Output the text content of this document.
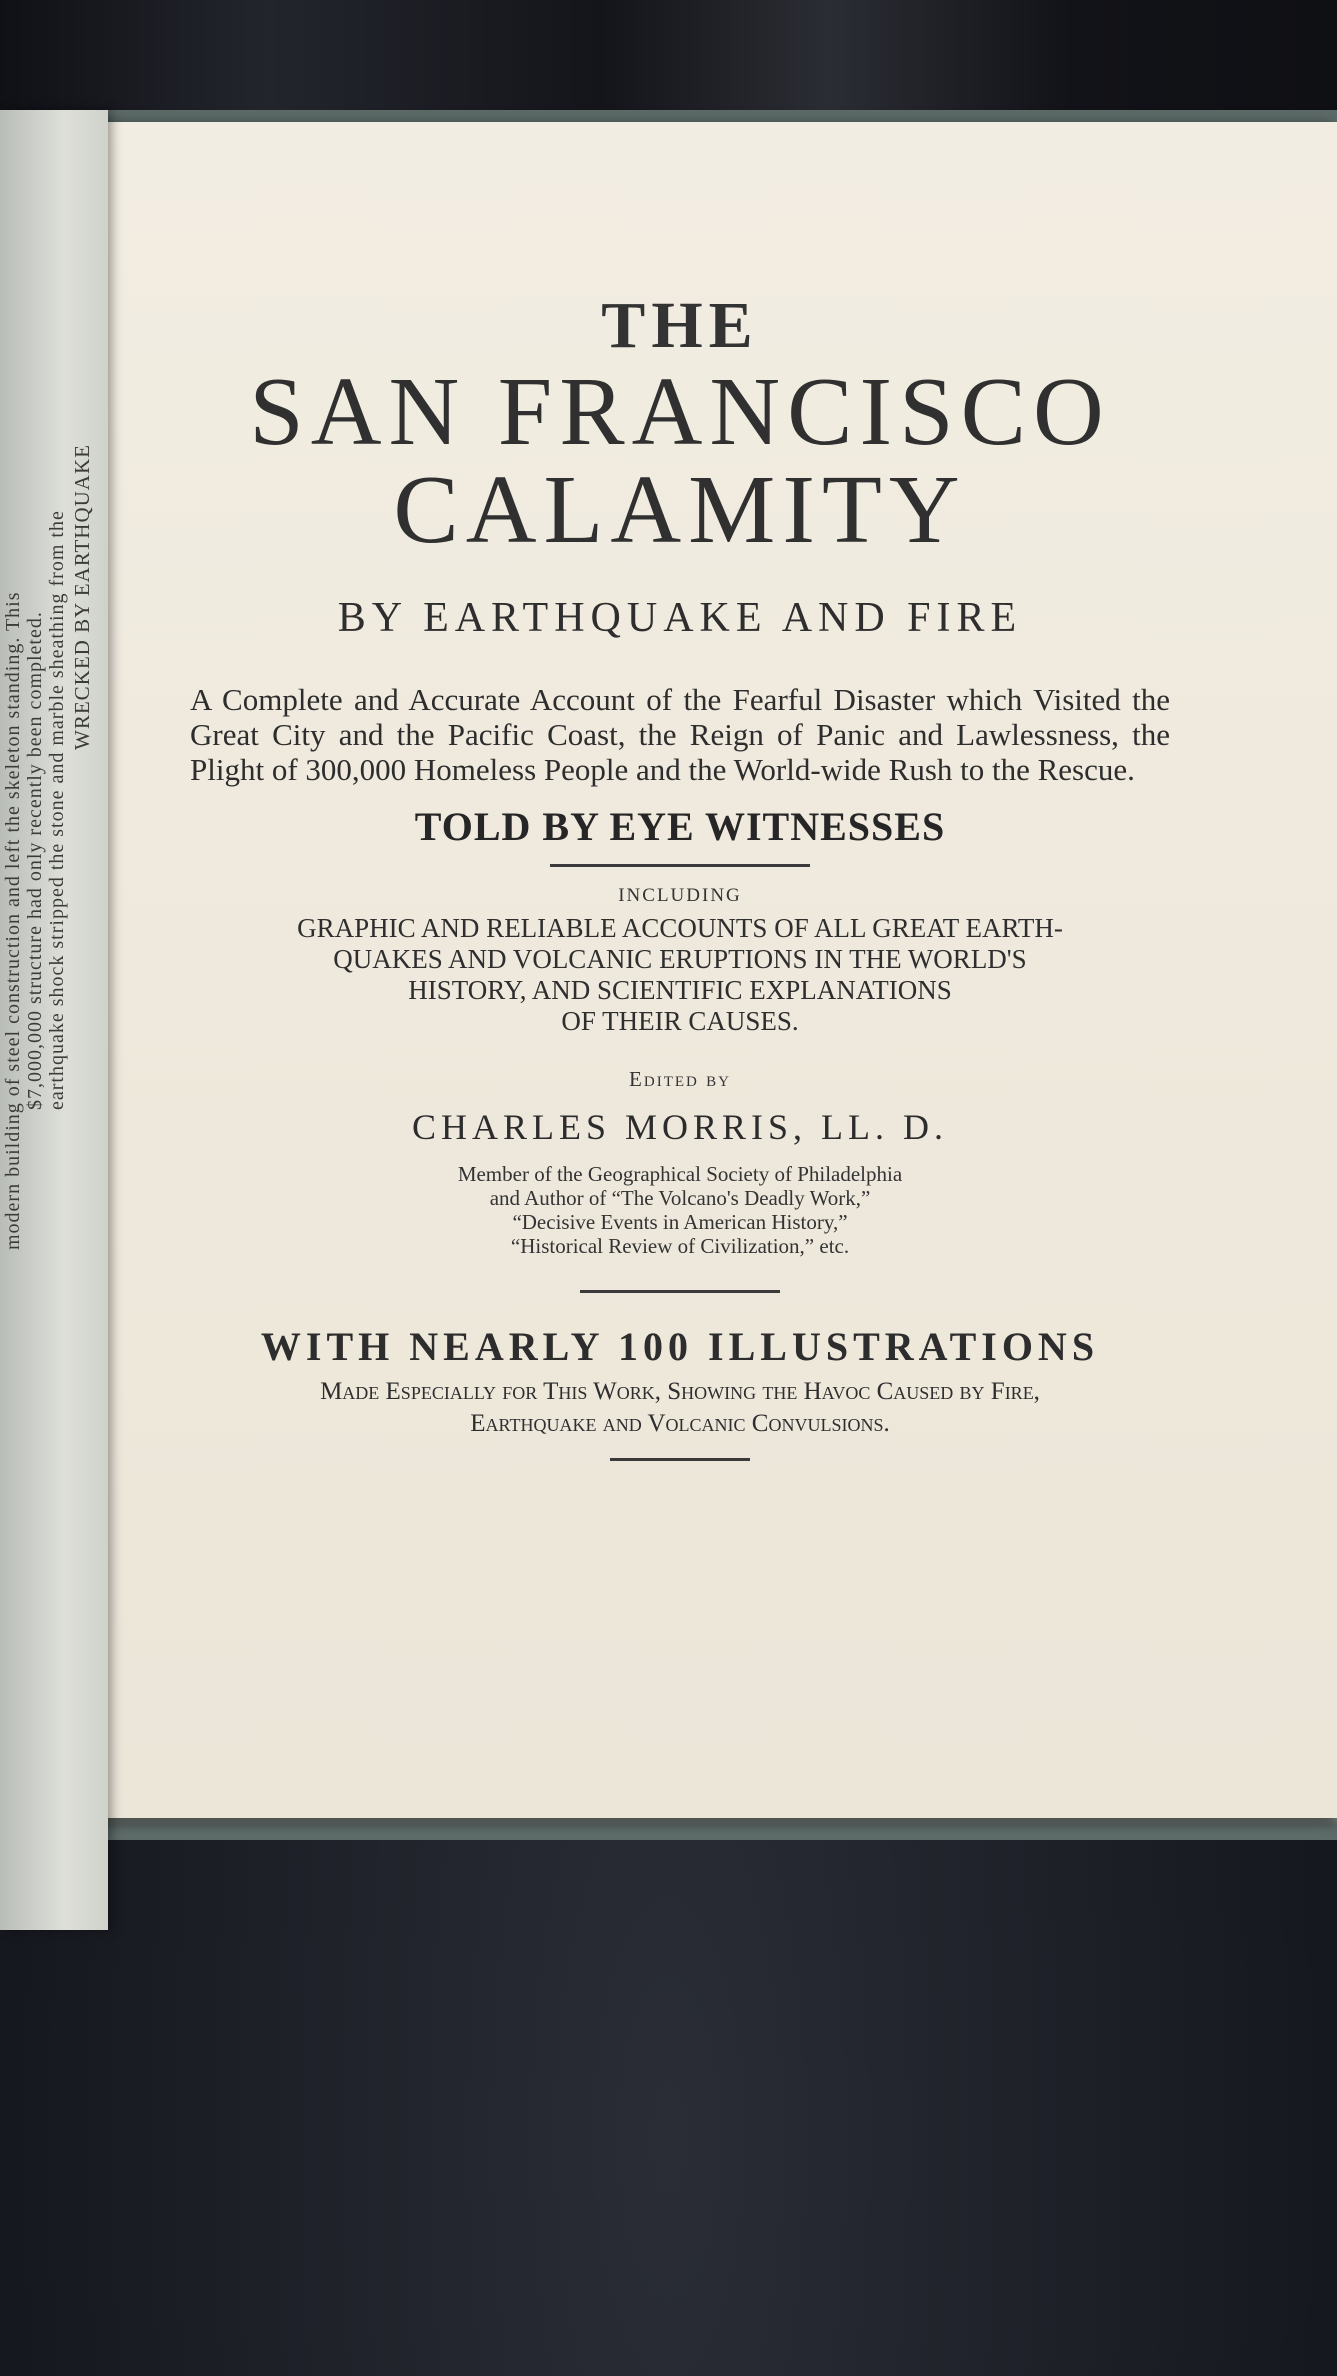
modern building of steel construction and left the skeleton standing. This $7,000,000 structure had only recently been completed. earthquake shock stripped the stone and marble sheathing from the WRECKED BY EARTHQUAKE
THE
SAN FRANCISCO
CALAMITY
BY EARTHQUAKE AND FIRE
A Complete and Accurate Account of the Fearful Disaster which Visited the Great City and the Pacific Coast, the Reign of Panic and Lawlessness, the Plight of 300,000 Homeless People and the World-wide Rush to the Rescue.
TOLD BY EYE WITNESSES
INCLUDING
GRAPHIC AND RELIABLE ACCOUNTS OF ALL GREAT EARTH-
QUAKES AND VOLCANIC ERUPTIONS IN THE WORLD'S
HISTORY, AND SCIENTIFIC EXPLANATIONS
OF THEIR CAUSES.
Edited by
CHARLES MORRIS, LL. D.
Member of the Geographical Society of Philadelphia
and Author of “The Volcano's Deadly Work,”
“Decisive Events in American History,”
“Historical Review of Civilization,” etc.
WITH NEARLY 100 ILLUSTRATIONS
Made Especially for This Work, Showing the Havoc Caused by Fire,
Earthquake and Volcanic Convulsions.
